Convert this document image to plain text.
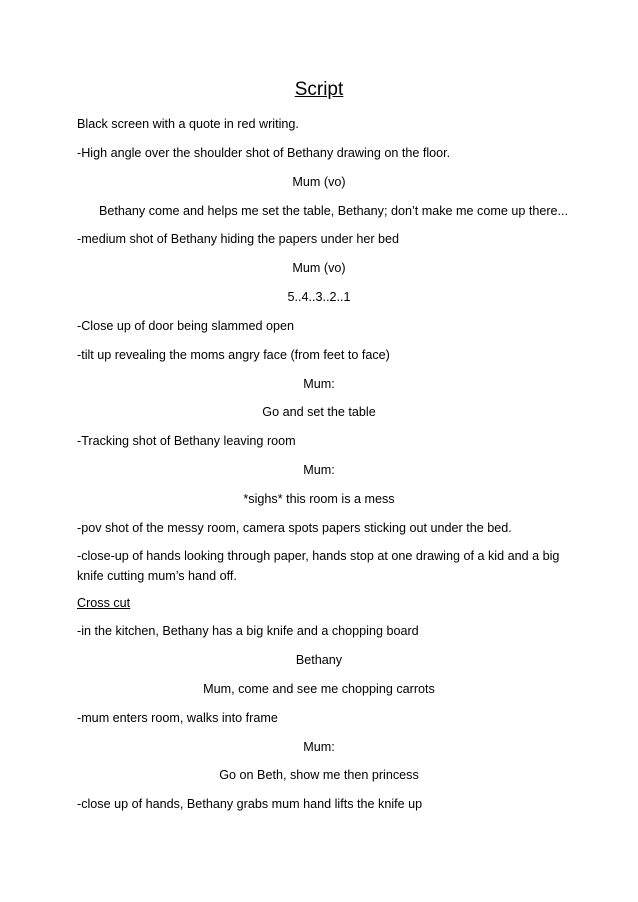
Script
Black screen with a quote in red writing.
-High angle over the shoulder shot of Bethany drawing on the floor.
Mum (vo)
Bethany come and helps me set the table, Bethany; don’t make me come up there...
-medium shot of Bethany hiding the papers under her bed
Mum (vo)
5..4..3..2..1
-Close up of door being slammed open
-tilt up revealing the moms angry face (from feet to face)
Mum:
Go and set the table
-Tracking shot of Bethany leaving room
Mum:
*sighs* this room is a mess
-pov shot of the messy room, camera spots papers sticking out under the bed.
-close-up of hands looking through paper, hands stop at one drawing of a kid and a big knife cutting mum’s hand off.
Cross cut
-in the kitchen, Bethany has a big knife and a chopping board
Bethany
Mum, come and see me chopping carrots
-mum enters room, walks into frame
Mum:
Go on Beth, show me then princess
-close up of hands, Bethany grabs mum hand lifts the knife up
